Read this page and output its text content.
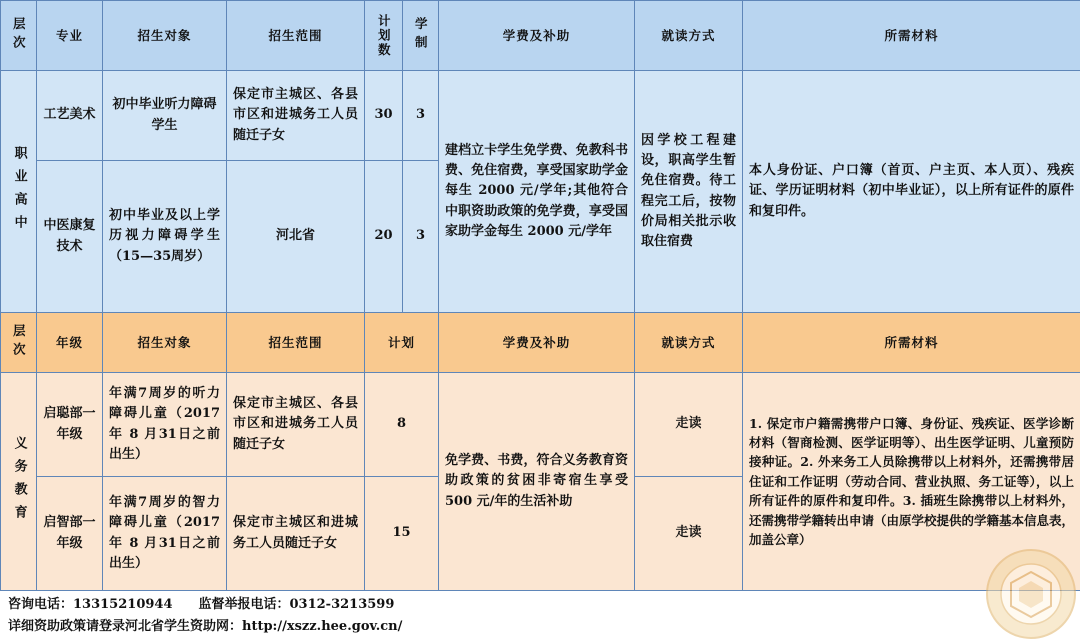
层次	专业	招生对象	招生范围	计划数	学制	学费及补助	就读方式	所需材料

职业高中	工艺美术	初中毕业听力障碍学生	保定市主城区、各县市区和进城务工人员随迁子女	30	3	建档立卡学生免学费、免教科书费、免住宿费，享受国家助学金每生 2000 元/学年;其他符合中职资助政策的免学费，享受国家助学金每生 2000 元/学年	因学校工程建设，职高学生暂免住宿费。待工程完工后，按物价局相关批示收取住宿费	本人身份证、户口簿（首页、户主页、本人页）、残疾证、学历证明材料（初中毕业证），以上所有证件的原件和复印件。
	中医康复技术	初中毕业及以上学历视力障碍学生（15—35周岁）	河北省	20	3			

层次	年级	招生对象	招生范围	计划		学费及补助	就读方式	所需材料

义务教育	启聪部一年级	年满7周岁的听力障碍儿童（2017 年 8 月31日之前出生）	保定市主城区、各县市区和进城务工人员随迁子女	8		免学费、书费，符合义务教育资助政策的贫困非寄宿生享受 500 元/年的生活补助	走读	1. 保定市户籍需携带户口簿、身份证、残疾证、医学诊断材料（智商检测、医学证明等）、出生医学证明、儿童预防接种证。2. 外来务工人员除携带以上材料外，还需携带居住证和工作证明（劳动合同、营业执照、务工证等），以上所有证件的原件和复印件。3. 插班生除携带以上材料外，还需携带学籍转出申请（由原学校提供的学籍基本信息表，加盖公章）
	启智部一年级	年满7周岁的智力障碍儿童（2017 年 8 月31日之前出生）	保定市主城区和进城务工人员随迁子女	15			走读	
咨询电话：13315210944　　监督举报电话：0312-3213599
详细资助政策请登录河北省学生资助网：http://xszz.hee.gov.cn/
